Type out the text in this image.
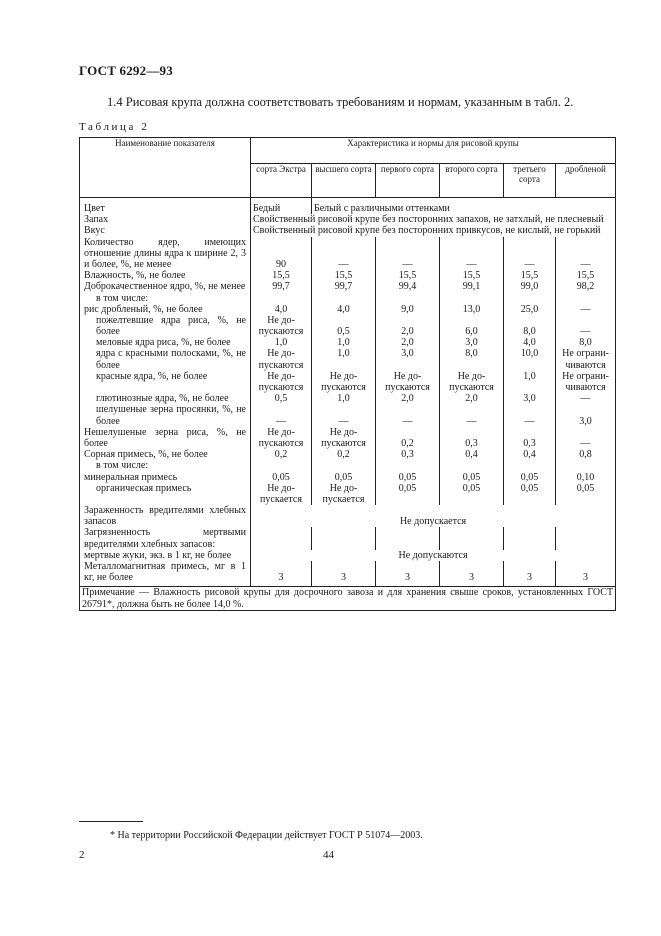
ГОСТ 6292—93
1.4 Рисовая крупа должна соответствовать требованиям и нормам, указанным в табл. 2.
Таблица 2
Наименование показателя	Характеристика и нормы для рисовой крупы					
	сорта Экстра	высшего сорта	первого сорта	второго сорта	третьего сорта	дробленой
Цвет	Бедый	Белый с различными оттенками				
Запах	Свойственный рисовой крупе без посторонних запахов, не затхлый, не плесневый					
Вкус	Свойственный рисовой крупе без посторонних привкусов, не кислый, не горький					
Количество ядер, имеющих отношение длины ядра к ширине 2, 3 и более, %, не менее	90	—	—	—	—	—
Влажность, %, не более	15,5	15,5	15,5	15,5	15,5	15,5
Доброкачественное ядро, %, не менее	99,7	99,7	99,4	99,1	99,0	98,2
в том числе:						
рис дробленый, %, не более	4,0	4,0	9,0	13,0	25,0	—
пожелтевшие ядра риса, %, не более	Не до-пускаются	0,5	2,0	6,0	8,0	—
меловые ядра риса, %, не более	1,0	1,0	2,0	3,0	4,0	8,0
ядра с красными полосками, %, не более	Не до-пускаются	1,0	3,0	8,0	10,0	Не ограни-чиваются
красные ядра, %, не более	Не до-пускаются	Не до-пускаются	Не до-пускаются	Не до-пускаются	1,0	Не ограни-чиваются
глютинозные ядра, %, не более	0,5	1,0	2,0	2,0	3,0	—
шелушеные зерна просянки, %, не более	—	—	—	—	—	3,0
Нешелушеные зерна риса, %, не более	Не до-пускаются	Не до-пускаются	0,2	0,3	0,3	—
Сорная примесь, %, не более	0,2	0,2	0,3	0,4	0,4	0,8
в том числе:						
минеральная примесь	0,05	0,05	0,05	0,05	0,05	0,10
органическая примесь	Не до-пускается	Не до-пускается	0,05	0,05	0,05	0,05
Зараженность вредителями хлебных запасов	Не допускается					
Загрязненность мертвыми вредителями хлебных запасов:						
мертвые жуки, экз. в 1 кг, не более	Не допускаются					
Металломагнитная примесь, мг в 1 кг, не более	3	3	3	3	3	3
Примечание — Влажность рисовой крупы для досрочного завоза и для хранения свыше сроков, установленных ГОСТ 26791*, должна быть не более 14,0 %.						
* На территории Российской Федерации действует ГОСТ Р 51074—2003.
2	44
